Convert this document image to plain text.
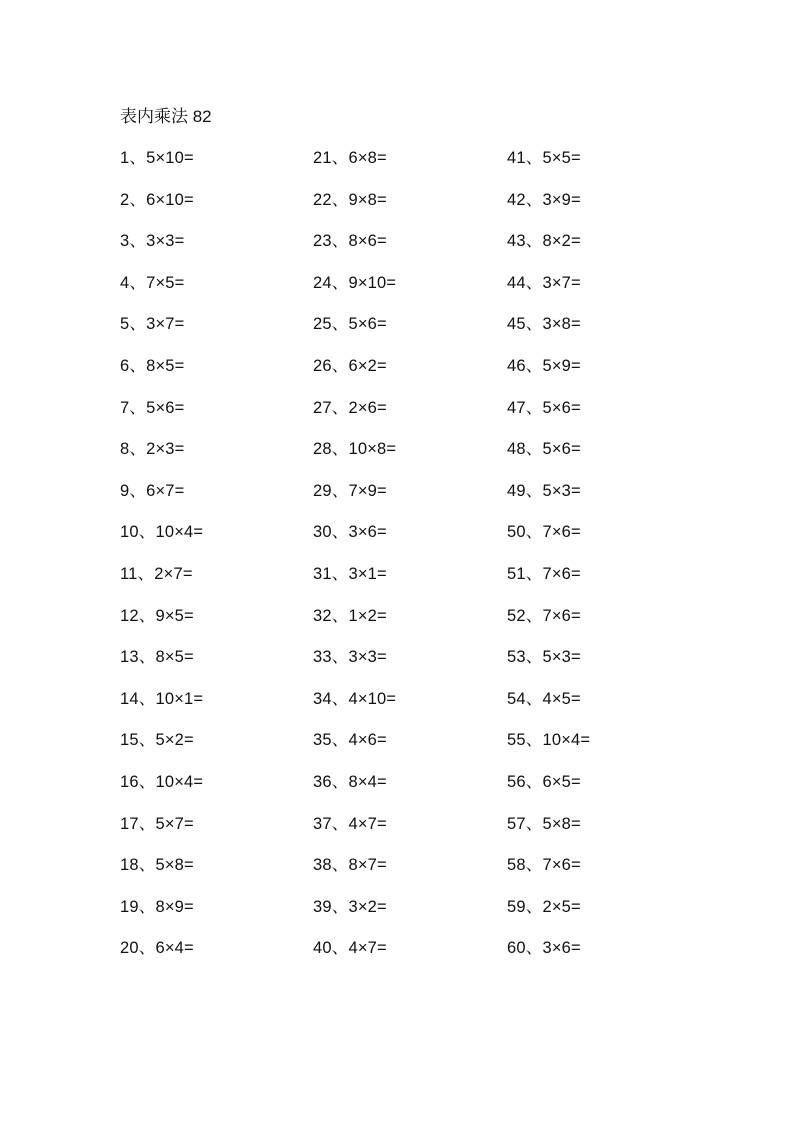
表内乘法 82
1、5×10=
2、6×10=
3、3×3=
4、7×5=
5、3×7=
6、8×5=
7、5×6=
8、2×3=
9、6×7=
10、10×4=
11、2×7=
12、9×5=
13、8×5=
14、10×1=
15、5×2=
16、10×4=
17、5×7=
18、5×8=
19、8×9=
20、6×4=
21、6×8=
22、9×8=
23、8×6=
24、9×10=
25、5×6=
26、6×2=
27、2×6=
28、10×8=
29、7×9=
30、3×6=
31、3×1=
32、1×2=
33、3×3=
34、4×10=
35、4×6=
36、8×4=
37、4×7=
38、8×7=
39、3×2=
40、4×7=
41、5×5=
42、3×9=
43、8×2=
44、3×7=
45、3×8=
46、5×9=
47、5×6=
48、5×6=
49、5×3=
50、7×6=
51、7×6=
52、7×6=
53、5×3=
54、4×5=
55、10×4=
56、6×5=
57、5×8=
58、7×6=
59、2×5=
60、3×6=
